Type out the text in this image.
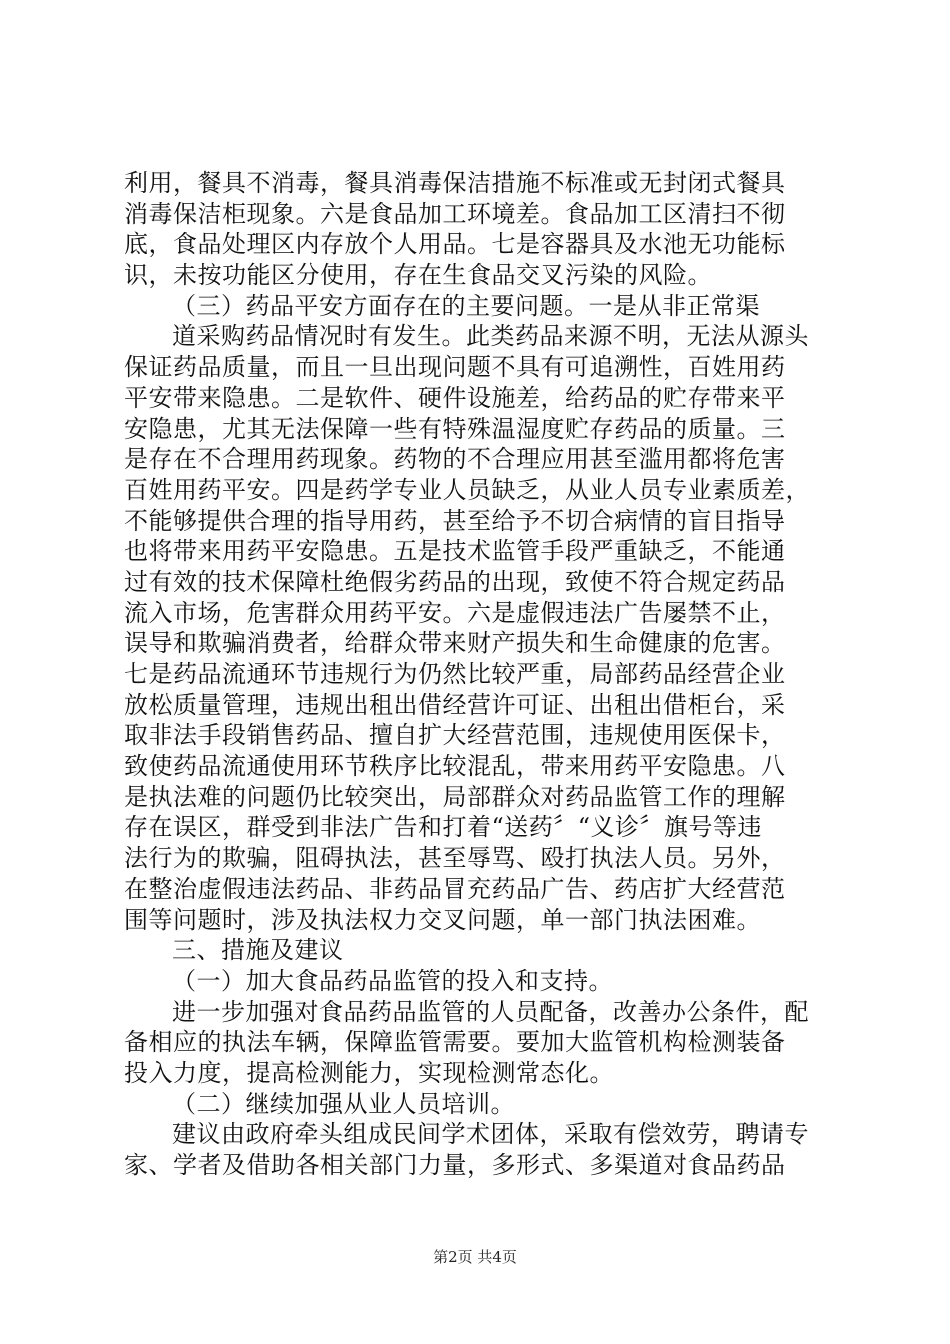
利用，餐具不消毒，餐具消毒保洁措施不标准或无封闭式餐具
消毒保洁柜现象。六是食品加工环境差。食品加工区清扫不彻
底，食品处理区内存放个人用品。七是容器具及水池无功能标
识，未按功能区分使用，存在生食品交叉污染的风险。
（三）药品平安方面存在的主要问题。一是从非正常渠
道采购药品情况时有发生。此类药品来源不明，无法从源头
保证药品质量，而且一旦出现问题不具有可追溯性，百姓用药
平安带来隐患。二是软件、硬件设施差，给药品的贮存带来平
安隐患，尤其无法保障一些有特殊温湿度贮存药品的质量。三
是存在不合理用药现象。药物的不合理应用甚至滥用都将危害
百姓用药平安。四是药学专业人员缺乏，从业人员专业素质差，
不能够提供合理的指导用药，甚至给予不切合病情的盲目指导
也将带来用药平安隐患。五是技术监管手段严重缺乏，不能通
过有效的技术保障杜绝假劣药品的出现，致使不符合规定药品
流入市场，危害群众用药平安。六是虚假违法广告屡禁不止，
误导和欺骗消费者，给群众带来财产损失和生命健康的危害。
七是药品流通环节违规行为仍然比较严重，局部药品经营企业
放松质量管理，违规出租出借经营许可证、出租出借柜台，采
取非法手段销售药品、擅自扩大经营范围，违规使用医保卡，
致使药品流通使用环节秩序比较混乱，带来用药平安隐患。八
是执法难的问题仍比较突出，局部群众对药品监管工作的理解
存在误区，群受到非法广告和打着“送药〞“义诊〞旗号等违
法行为的欺骗，阻碍执法，甚至辱骂、殴打执法人员。另外，
在整治虚假违法药品、非药品冒充药品广告、药店扩大经营范
围等问题时，涉及执法权力交叉问题，单一部门执法困难。
三、措施及建议
（一）加大食品药品监管的投入和支持。
进一步加强对食品药品监管的人员配备，改善办公条件，配
备相应的执法车辆，保障监管需要。要加大监管机构检测装备
投入力度，提高检测能力，实现检测常态化。
（二）继续加强从业人员培训。
建议由政府牵头组成民间学术团体，采取有偿效劳，聘请专
家、学者及借助各相关部门力量，多形式、多渠道对食品药品
第2页 共4页
